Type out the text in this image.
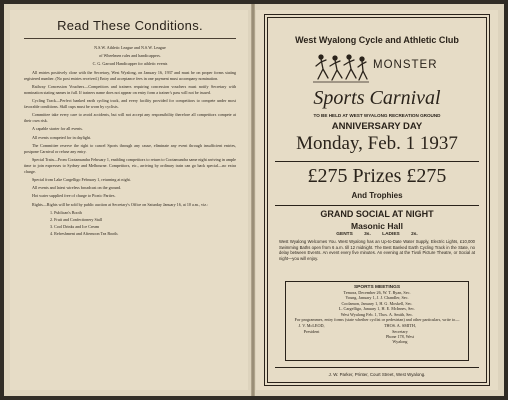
Read These Conditions.

N.S.W. Athletic League and N.S.W. League

of Wheelmen rules and handicappers.

C. G. Garrard Handicapper for athletic events

All entries positively close with the Secretary, West Wyalong, on January 16, 1937 and must be on proper forms stating registered number. (No post entries received.) Entry and acceptance fees in one payment must accompany nomination.

Railway Concession Vouchers—Competitors and trainers requiring concession vouchers must notify Secretary with nomination stating names in full. If trainers name does not appear on entry form a trainer's pass will not be issued.

Cycling Track—Perfect banked earth cycling track, and every facility provided for competitors to compete under most favorable conditions. Skill cups must be worn by cyclists.

Committee take every care to avoid accidents, but will not accept any responsibility therefore all competitors compete at their own risk.

A capable starter for all events.

All events competed for in daylight.

The Committee reserve the right to cancel Sports through any cause, eliminate any event through insufficient entries, postpone Carnival or refuse any entry.

Special Train—From Cootamundra February 1, enabling competitors to return to Cootamundra same night arriving in ample time to join expresses to Sydney and Melbourne. Competitors, etc., arriving by ordinary train can go back special—no extra charge.

Special from Lake Cargelligo February 1, returning at night.

All events and latest wireless broadcast on the ground.

Hot water supplied free of charge to Picnic Parties.

Rights—Rights will be sold by public auction at Secretary's Office on Saturday January 16, at 10 a.m., viz.:

1. Publican's Booth
2. Fruit and Confectionery Stall
3. Cool Drinks and Ice Cream
4. Refreshment and Afternoon Tea Booth.
West Wyalong Cycle and Athletic Club
MONSTER
Sports Carnival
TO BE HELD AT WEST WYALONG RECREATION GROUND
ANNIVERSARY DAY
Monday, Feb. 1 1937
£275 Prizes £275
And Trophies
GRAND SOCIAL AT NIGHT
Masonic Hall
GENTS 3s. LADIES 2s.
West Wyalong Welcomes You. West Wyalong has an Up-to-Date Water Supply, Electric Lights, £10,000 Swimming Baths open from 6 a.m. till 12 midnight. The Best Banked Earth Cycling Track in the State, no delay between Events. An event every five minutes. An evening at the Tivoli Picture Theatre, or Social at night—you will enjoy.
SPORTS MEETINGS
Temora, December 26, W. T. Ryan, Sec.
Young, January 1, J. J. Chandler, Sec.
Coolamon, January 1, H. G. Moskell, Sec.
L. Cargelligo, January 1, H. E. McInnes, Sec.
West Wyalong Feb. 1, Thos. A. Smith, Sec.
For programmes, entry forms (state whether cyclist or pedestrian) and other particulars, write to—
J. V. McLEOD,
President
THOS. A. SMITH,
Secretary
Phone 178, West Wyalong
J. W. Parker, Printer, Court Street, West Wyalong.
